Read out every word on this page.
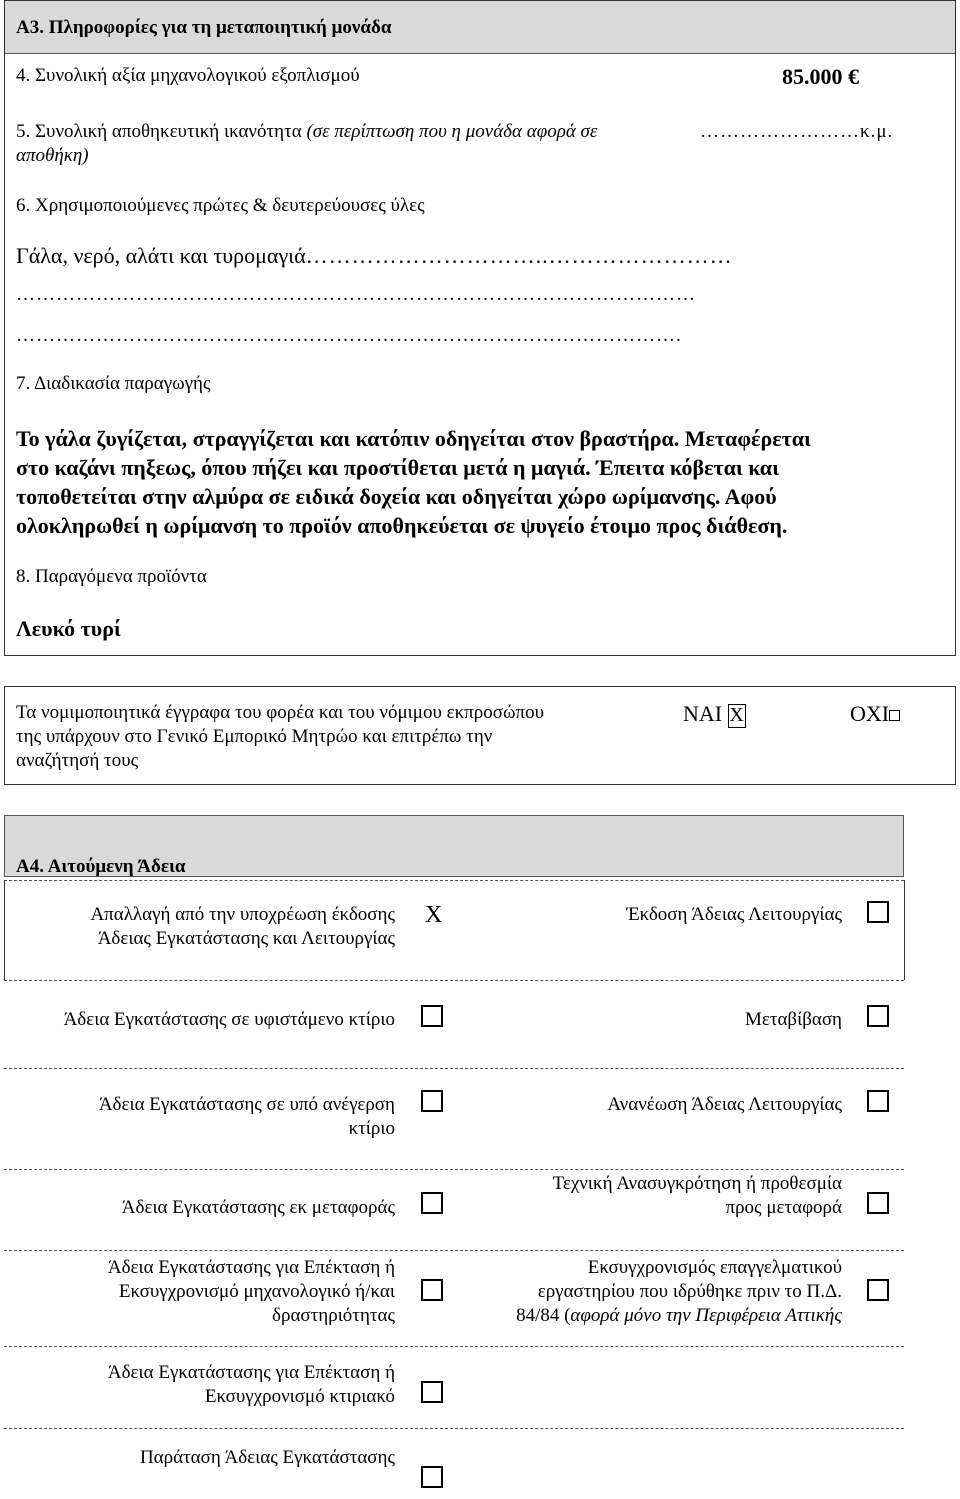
Α3. Πληροφορίες για τη μεταποιητική μονάδα
4. Συνολική αξία μηχανολογικού εξοπλισμού	85.000 €
5. Συνολική αποθηκευτική ικανότητα (σε περίπτωση που η μονάδα αφορά σε
αποθήκη)
……………………κ.μ.
6. Χρησιμοποιούμενες πρώτες & δευτερεύουσες ύλες
Γάλα, νερό, αλάτι και τυρομαγιά…………………………..……………………
…………………………………………………………………………………………
……………………………………………………………………………………….
7. Διαδικασία παραγωγής
Το γάλα ζυγίζεται, στραγγίζεται και κατόπιν οδηγείται στον βραστήρα. Μεταφέρεται
στο καζάνι πηξεως, όπου πήζει και προστίθεται μετά η μαγιά. Έπειτα κόβεται και
τοποθετείται στην αλμύρα σε ειδικά δοχεία και οδηγείται χώρο ωρίμανσης. Αφού
ολοκληρωθεί η ωρίμανση το προϊόν αποθηκεύεται σε ψυγείο έτοιμο προς διάθεση.
8. Παραγόμενα προϊόντα
Λευκό τυρί
Τα νομιμοποιητικά έγγραφα του φορέα και του νόμιμου εκπροσώπου
της υπάρχουν στο Γενικό Εμπορικό Μητρώο και επιτρέπω την
αναζήτησή τους
ΝΑΙ X	ΟΧΙ
Α4. Αιτούμενη Άδεια
Απαλλαγή από την υποχρέωση έκδοσης
Άδειας Εγκατάστασης και Λειτουργίας
X
Άδεια Εγκατάστασης σε υφιστάμενο κτίριο
Άδεια Εγκατάστασης σε υπό ανέγερση
κτίριο
Άδεια Εγκατάστασης εκ μεταφοράς
Άδεια Εγκατάστασης για Επέκταση ή
Εκσυγχρονισμό μηχανολογικό ή/και
δραστηριότητας
Άδεια Εγκατάστασης για Επέκταση ή
Εκσυγχρονισμό κτιριακό
Παράταση Άδειας Εγκατάστασης
Έκδοση Άδειας Λειτουργίας
Μεταβίβαση
Ανανέωση Άδειας Λειτουργίας
Τεχνική Ανασυγκρότηση ή προθεσμία
προς μεταφορά
Εκσυγχρονισμός επαγγελματικού
εργαστηρίου που ιδρύθηκε πριν το Π.Δ.
84/84 (αφορά μόνο την Περιφέρεια Αττικής
